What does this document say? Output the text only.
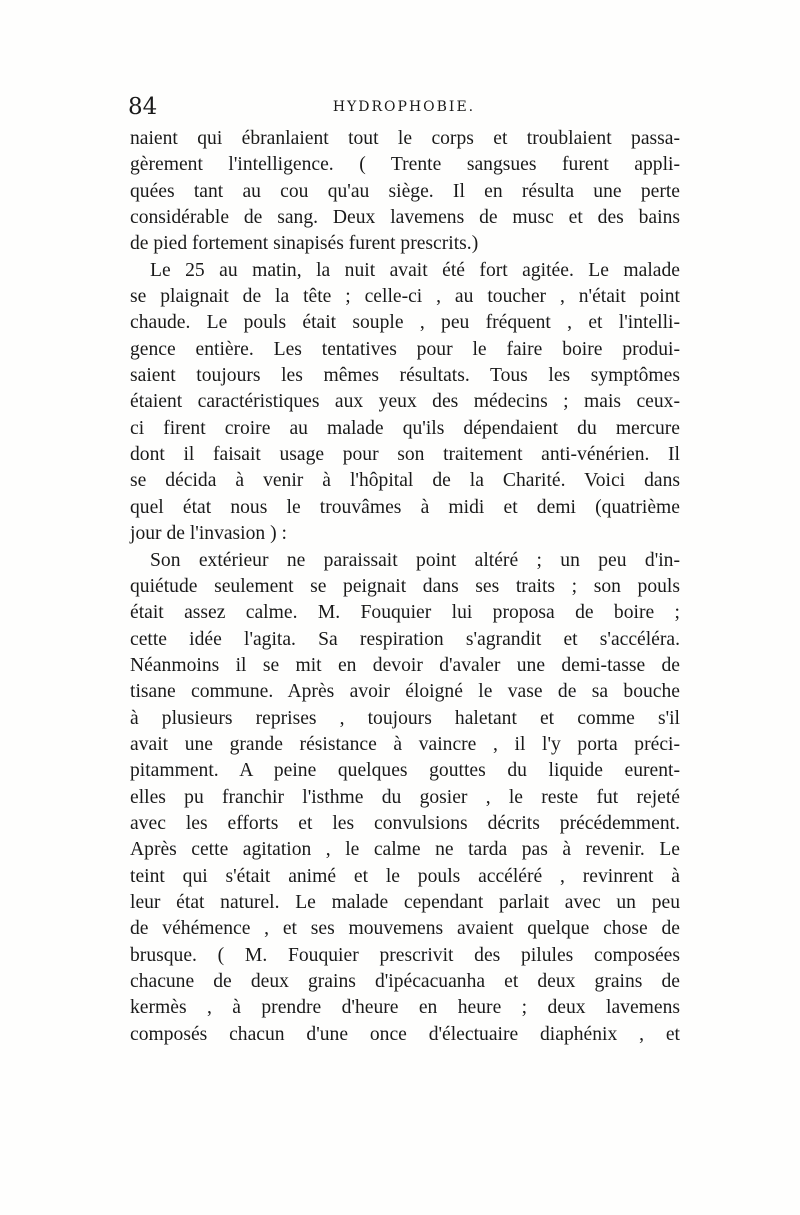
84	HYDROPHOBIE.
naient qui ébranlaient tout le corps et troublaient passa-
gèrement l'intelligence. ( Trente sangsues furent appli-
quées tant au cou qu'au siège. Il en résulta une perte
considérable de sang. Deux lavemens de musc et des bains
de pied fortement sinapisés furent prescrits.)
Le 25 au matin, la nuit avait été fort agitée. Le malade
se plaignait de la tête ; celle-ci , au toucher , n'était point
chaude. Le pouls était souple , peu fréquent , et l'intelli-
gence entière. Les tentatives pour le faire boire produi-
saient toujours les mêmes résultats. Tous les symptômes
étaient caractéristiques aux yeux des médecins ; mais ceux-
ci firent croire au malade qu'ils dépendaient du mercure
dont il faisait usage pour son traitement anti-vénérien. Il
se décida à venir à l'hôpital de la Charité. Voici dans
quel état nous le trouvâmes à midi et demi (quatrième
jour de l'invasion ) :
Son extérieur ne paraissait point altéré ; un peu d'in-
quiétude seulement se peignait dans ses traits ; son pouls
était assez calme. M. Fouquier lui proposa de boire ;
cette idée l'agita. Sa respiration s'agrandit et s'accéléra.
Néanmoins il se mit en devoir d'avaler une demi-tasse de
tisane commune. Après avoir éloigné le vase de sa bouche
à plusieurs reprises , toujours haletant et comme s'il
avait une grande résistance à vaincre , il l'y porta préci-
pitamment. A peine quelques gouttes du liquide eurent-
elles pu franchir l'isthme du gosier , le reste fut rejeté
avec les efforts et les convulsions décrits précédemment.
Après cette agitation , le calme ne tarda pas à revenir. Le
teint qui s'était animé et le pouls accéléré , revinrent à
leur état naturel. Le malade cependant parlait avec un peu
de véhémence , et ses mouvemens avaient quelque chose de
brusque. ( M. Fouquier prescrivit des pilules composées
chacune de deux grains d'ipécacuanha et deux grains de
kermès , à prendre d'heure en heure ; deux lavemens
composés chacun d'une once d'électuaire diaphénix , et
